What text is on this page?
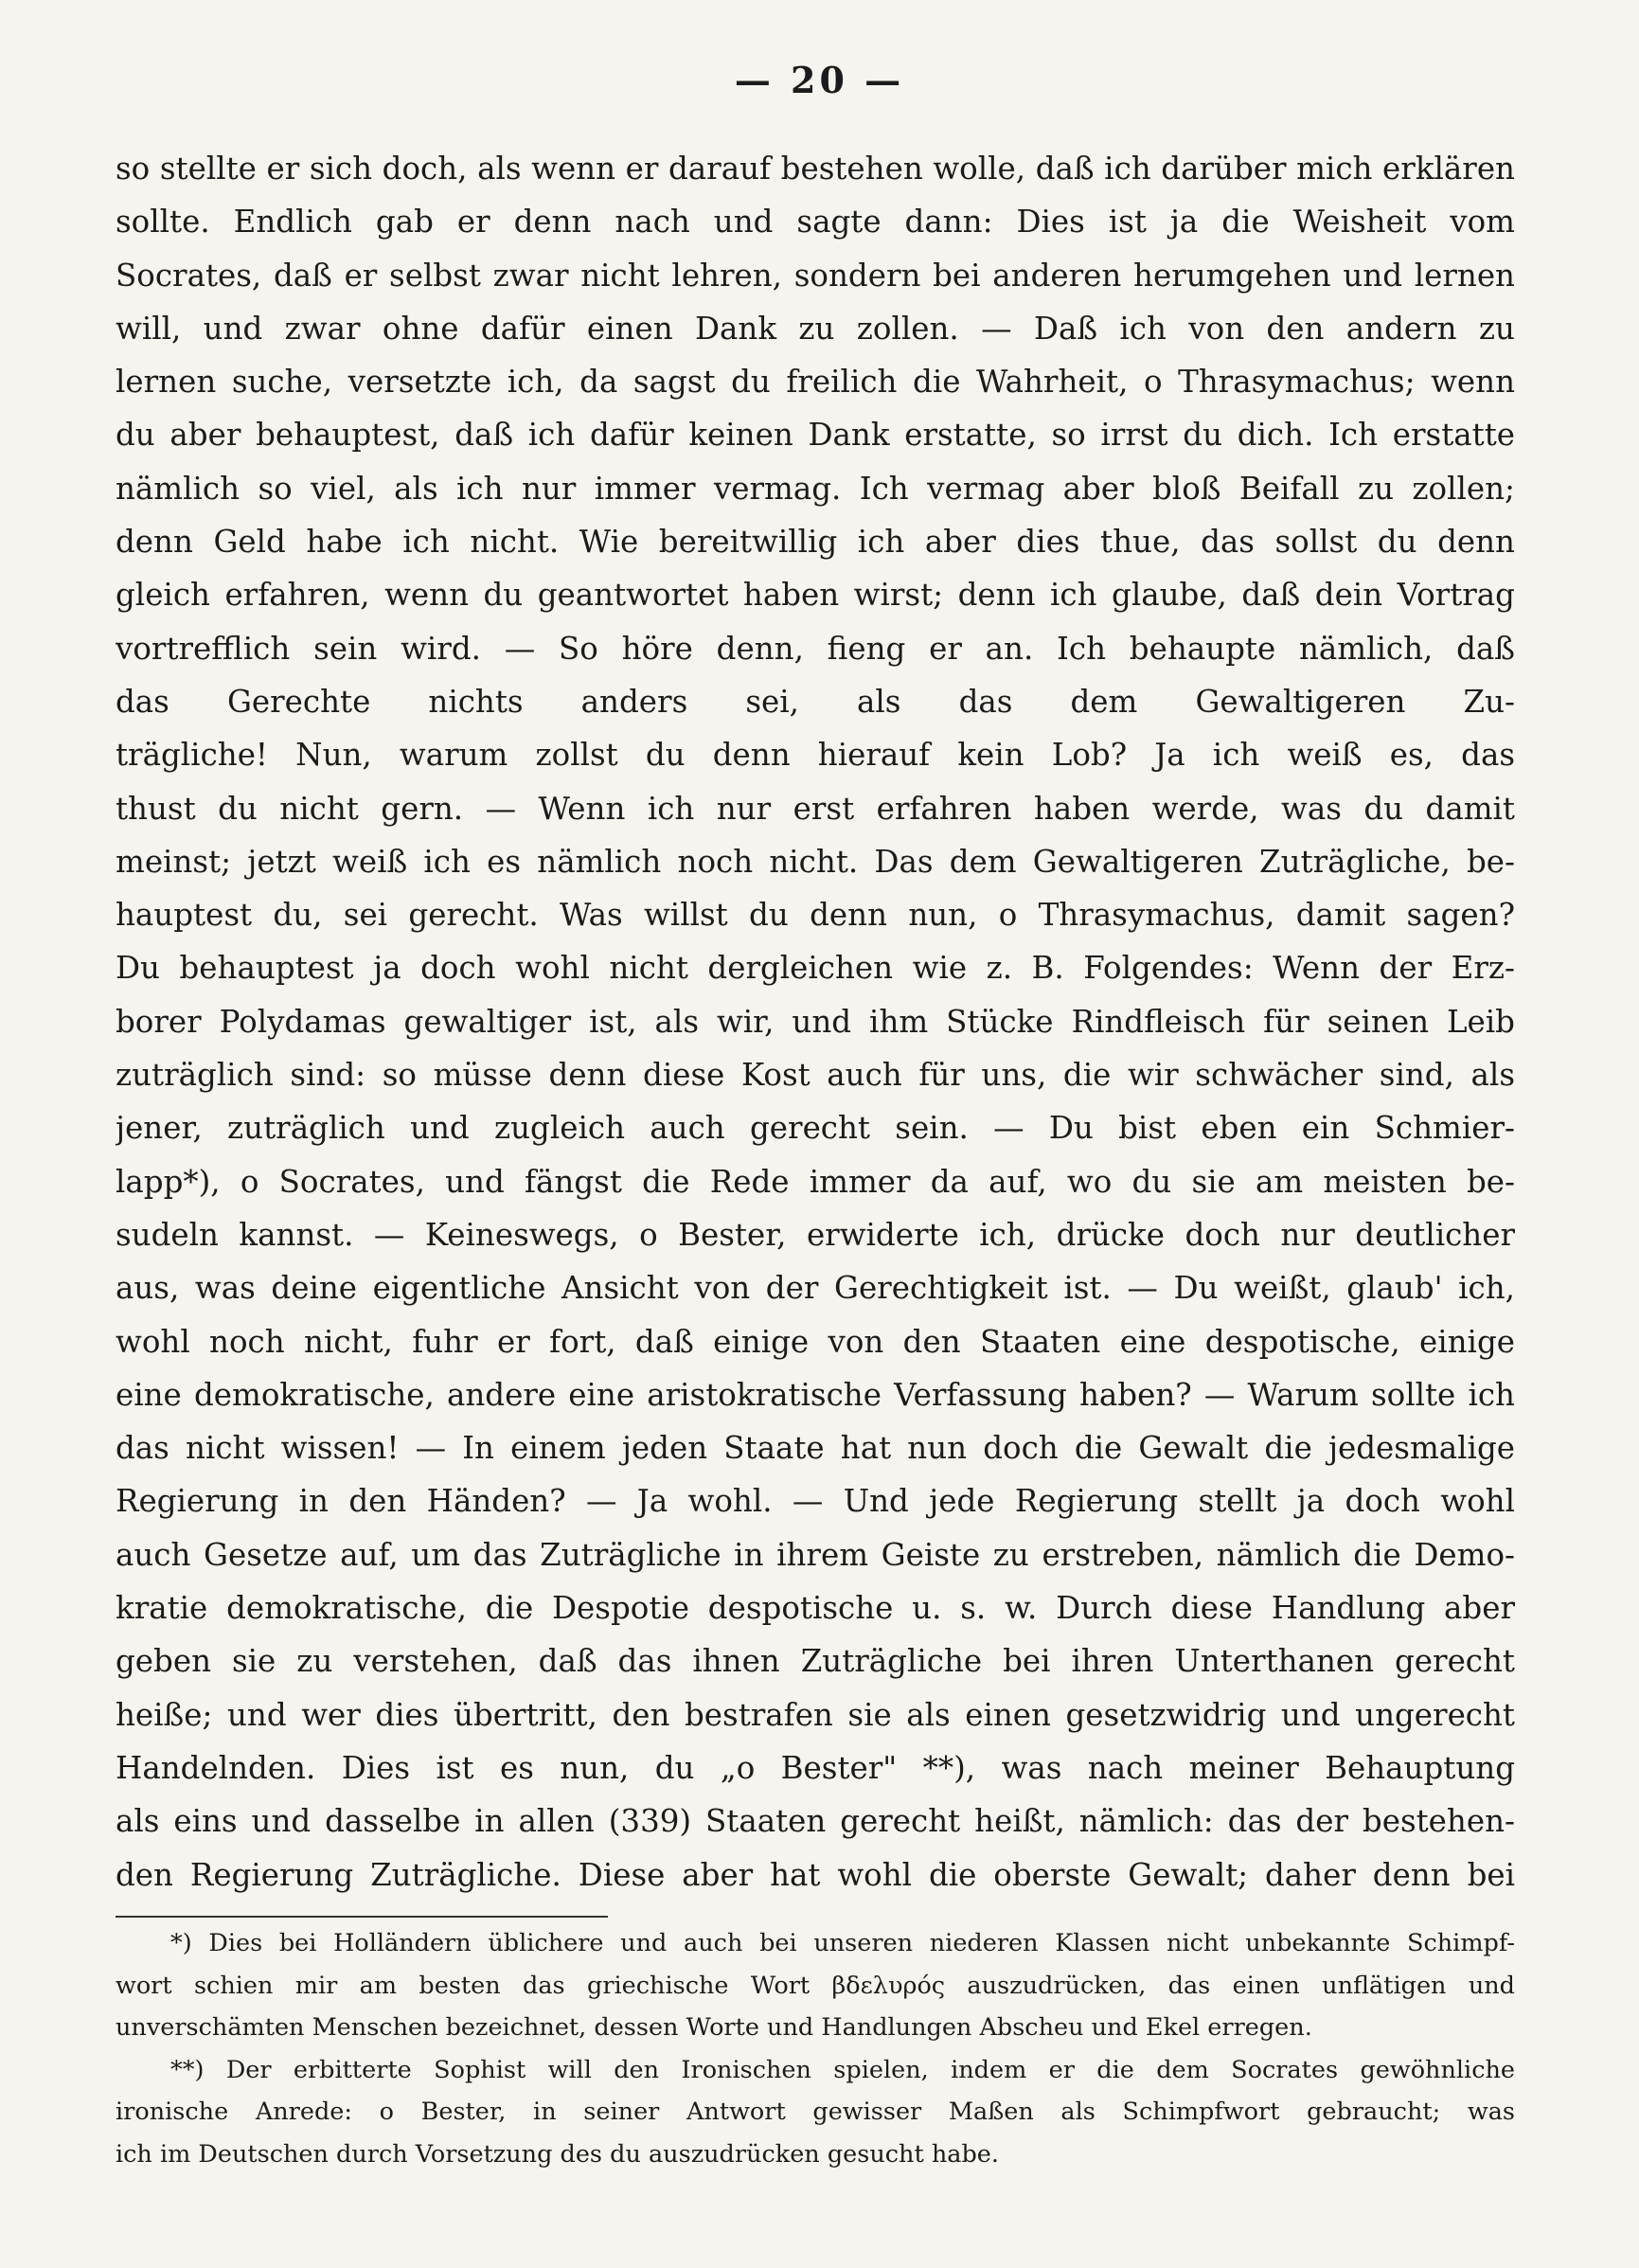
— 20 —
so stellte er sich doch, als wenn er darauf bestehen wolle, daß ich darüber mich erklären
sollte. Endlich gab er denn nach und sagte dann: Dies ist ja die Weisheit vom
Socrates, daß er selbst zwar nicht lehren, sondern bei anderen herumgehen und lernen
will, und zwar ohne dafür einen Dank zu zollen. — Daß ich von den andern zu
lernen suche, versetzte ich, da sagst du freilich die Wahrheit, o Thrasymachus; wenn
du aber behauptest, daß ich dafür keinen Dank erstatte, so irrst du dich. Ich erstatte
nämlich so viel, als ich nur immer vermag. Ich vermag aber bloß Beifall zu zollen;
denn Geld habe ich nicht. Wie bereitwillig ich aber dies thue, das sollst du denn
gleich erfahren, wenn du geantwortet haben wirst; denn ich glaube, daß dein Vortrag
vortrefflich sein wird. — So höre denn, fieng er an. Ich behaupte nämlich, daß
das Gerechte nichts anders sei, als das dem Gewaltigeren Zu-
trägliche! Nun, warum zollst du denn hierauf kein Lob? Ja ich weiß es, das
thust du nicht gern. — Wenn ich nur erst erfahren haben werde, was du damit
meinst; jetzt weiß ich es nämlich noch nicht. Das dem Gewaltigeren Zuträgliche, be-
hauptest du, sei gerecht. Was willst du denn nun, o Thrasymachus, damit sagen?
Du behauptest ja doch wohl nicht dergleichen wie z. B. Folgendes: Wenn der Erz-
borer Polydamas gewaltiger ist, als wir, und ihm Stücke Rindfleisch für seinen Leib
zuträglich sind: so müsse denn diese Kost auch für uns, die wir schwächer sind, als
jener, zuträglich und zugleich auch gerecht sein. — Du bist eben ein Schmier-
lapp*), o Socrates, und fängst die Rede immer da auf, wo du sie am meisten be-
sudeln kannst. — Keineswegs, o Bester, erwiderte ich, drücke doch nur deutlicher
aus, was deine eigentliche Ansicht von der Gerechtigkeit ist. — Du weißt, glaub' ich,
wohl noch nicht, fuhr er fort, daß einige von den Staaten eine despotische, einige
eine demokratische, andere eine aristokratische Verfassung haben? — Warum sollte ich
das nicht wissen! — In einem jeden Staate hat nun doch die Gewalt die jedesmalige
Regierung in den Händen? — Ja wohl. — Und jede Regierung stellt ja doch wohl
auch Gesetze auf, um das Zuträgliche in ihrem Geiste zu erstreben, nämlich die Demo-
kratie demokratische, die Despotie despotische u. s. w. Durch diese Handlung aber
geben sie zu verstehen, daß das ihnen Zuträgliche bei ihren Unterthanen gerecht
heiße; und wer dies übertritt, den bestrafen sie als einen gesetzwidrig und ungerecht
Handelnden. Dies ist es nun, du „o Bester" **), was nach meiner Behauptung
als eins und dasselbe in allen (339) Staaten gerecht heißt, nämlich: das der bestehen-
den Regierung Zuträgliche. Diese aber hat wohl die oberste Gewalt; daher denn bei
*) Dies bei Holländern üblichere und auch bei unseren niederen Klassen nicht unbekannte Schimpf-
wort schien mir am besten das griechische Wort βδελυρός auszudrücken, das einen unflätigen und
unverschämten Menschen bezeichnet, dessen Worte und Handlungen Abscheu und Ekel erregen.
**) Der erbitterte Sophist will den Ironischen spielen, indem er die dem Socrates gewöhnliche
ironische Anrede: o Bester, in seiner Antwort gewisser Maßen als Schimpfwort gebraucht; was
ich im Deutschen durch Vorsetzung des du auszudrücken gesucht habe.
